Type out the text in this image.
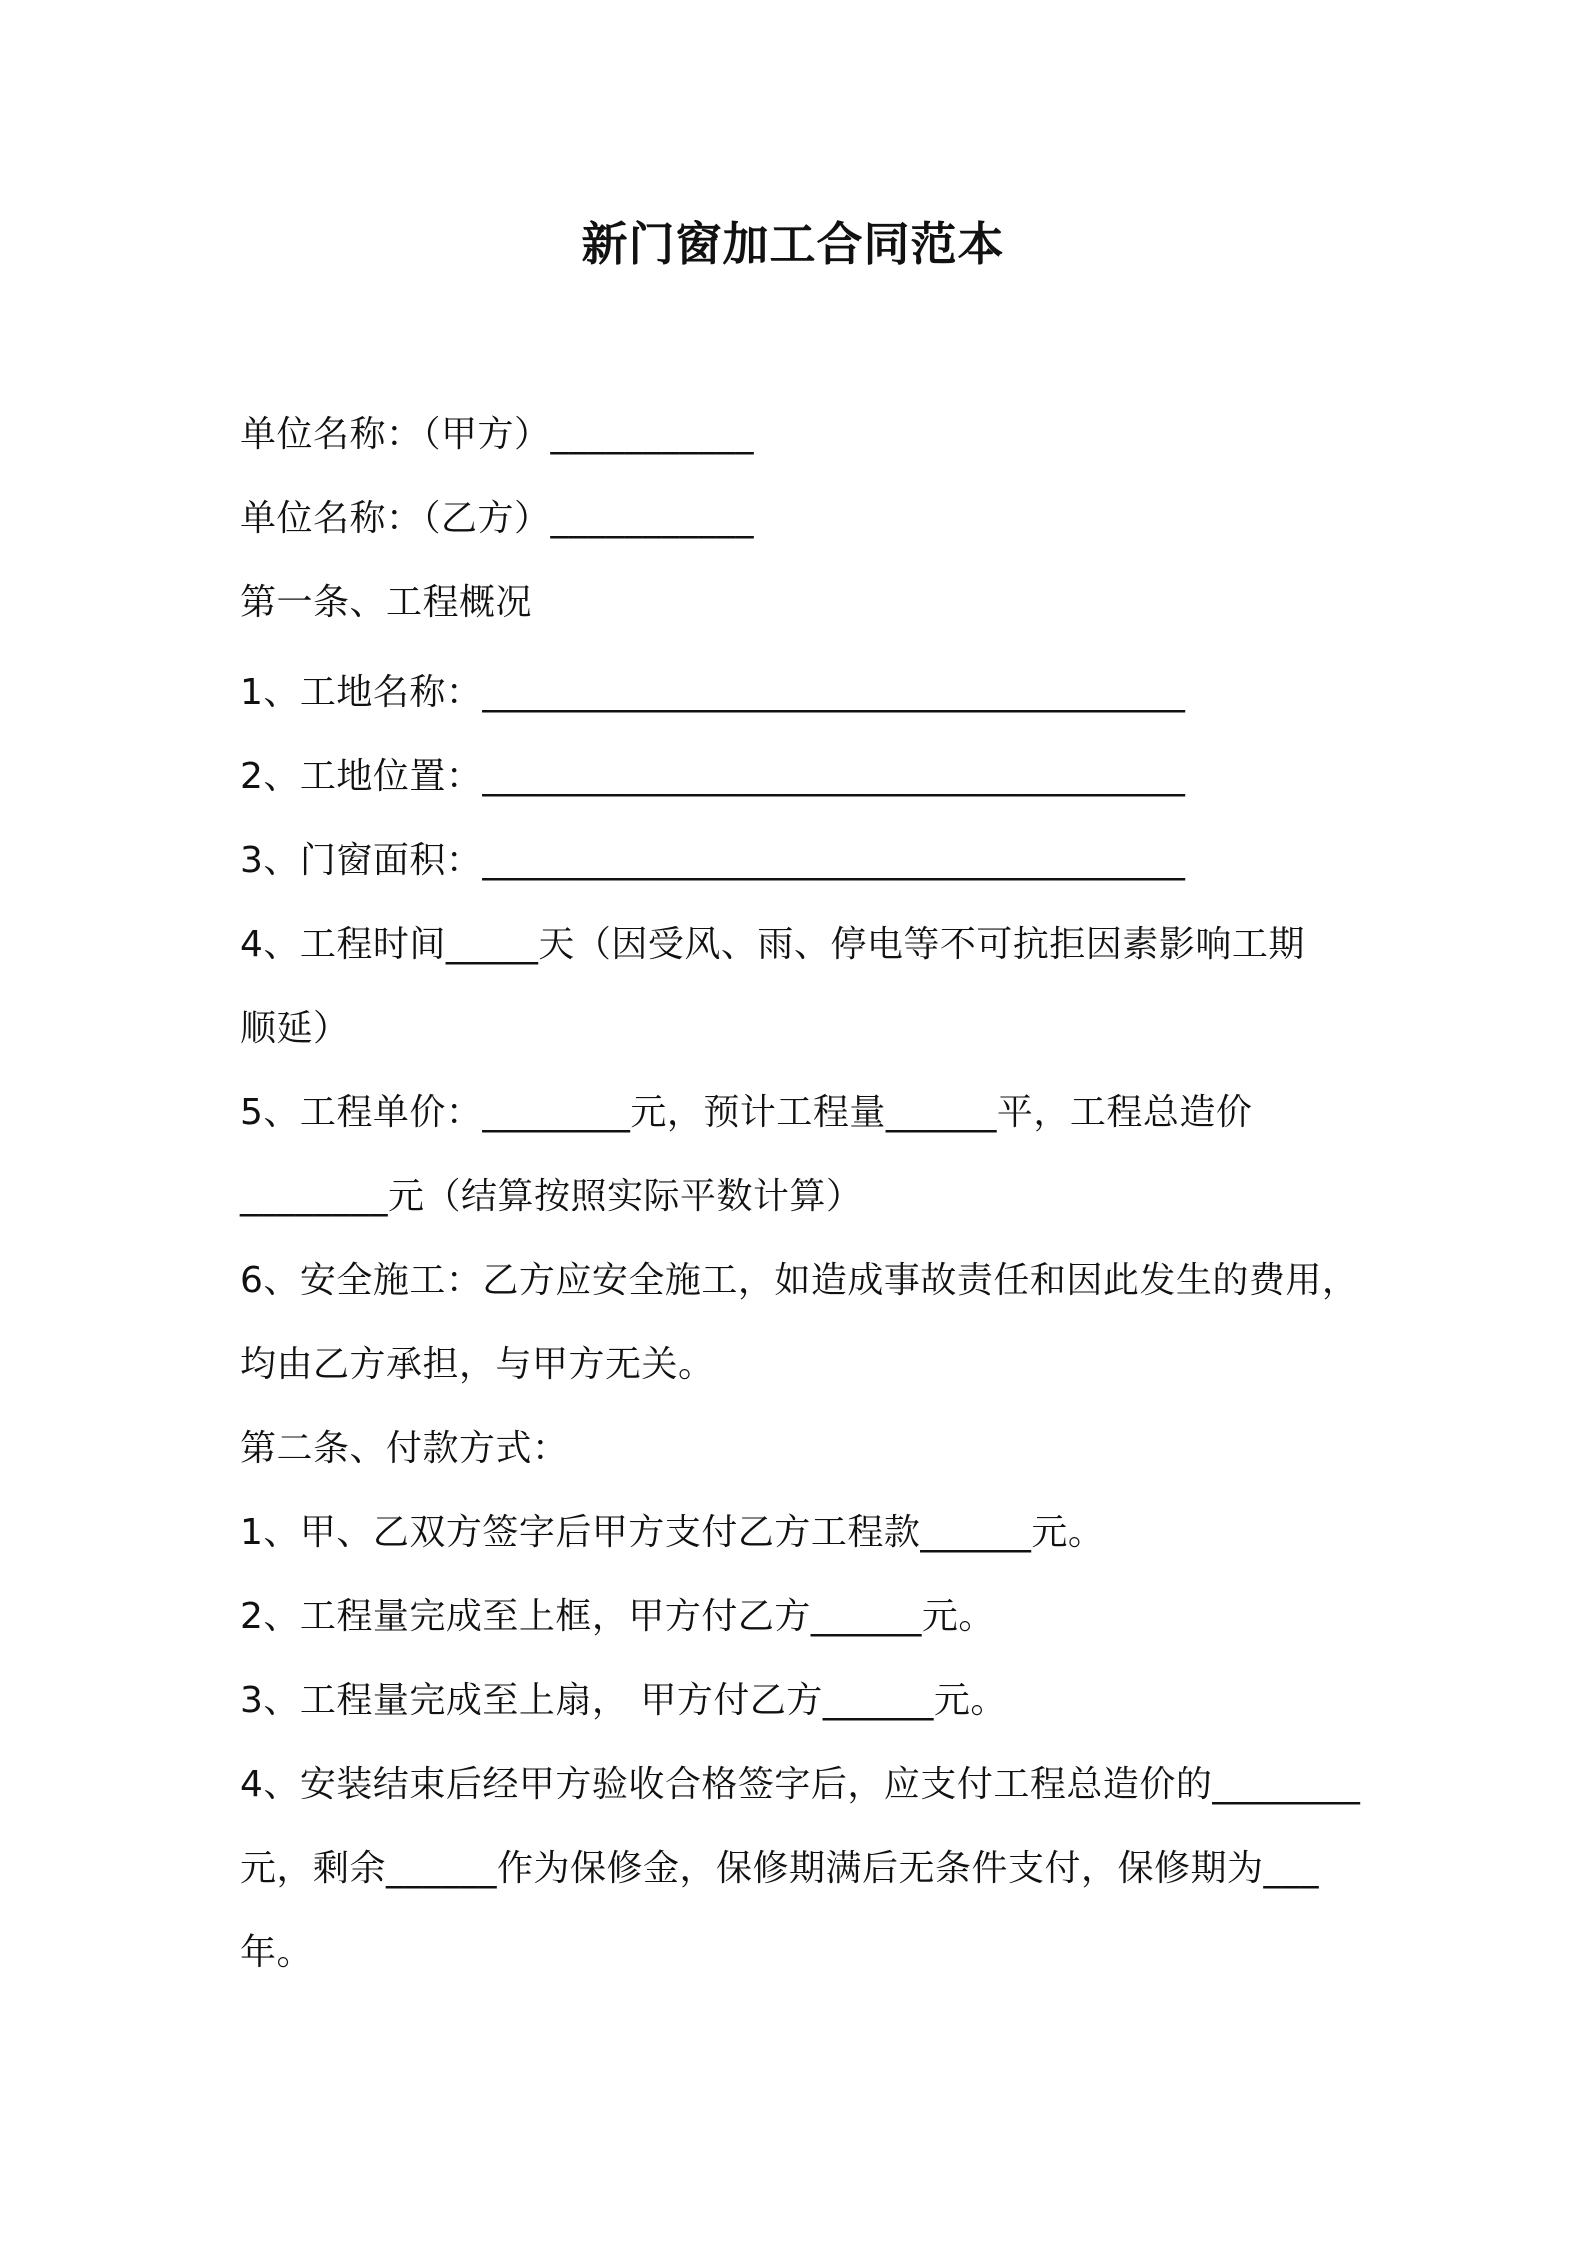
新门窗加工合同范本
单位名称：（甲方）___________
单位名称：（乙方）___________
第一条、工程概况
1、工地名称：______________________________________
2、工地位置：______________________________________
3、门窗面积：______________________________________
4、工程时间_____天（因受风、雨、停电等不可抗拒因素影响工期
顺延）
5、工程单价：________元，预计工程量______平，工程总造价
________元（结算按照实际平数计算）
6、安全施工：乙方应安全施工，如造成事故责任和因此发生的费用，
均由乙方承担，与甲方无关。
第二条、付款方式：
1、甲、乙双方签字后甲方支付乙方工程款______元。
2、工程量完成至上框，甲方付乙方______元。
3、工程量完成至上扇， 甲方付乙方______元。
4、安装结束后经甲方验收合格签字后，应支付工程总造价的________
元，剩余______作为保修金，保修期满后无条件支付，保修期为___
年。
